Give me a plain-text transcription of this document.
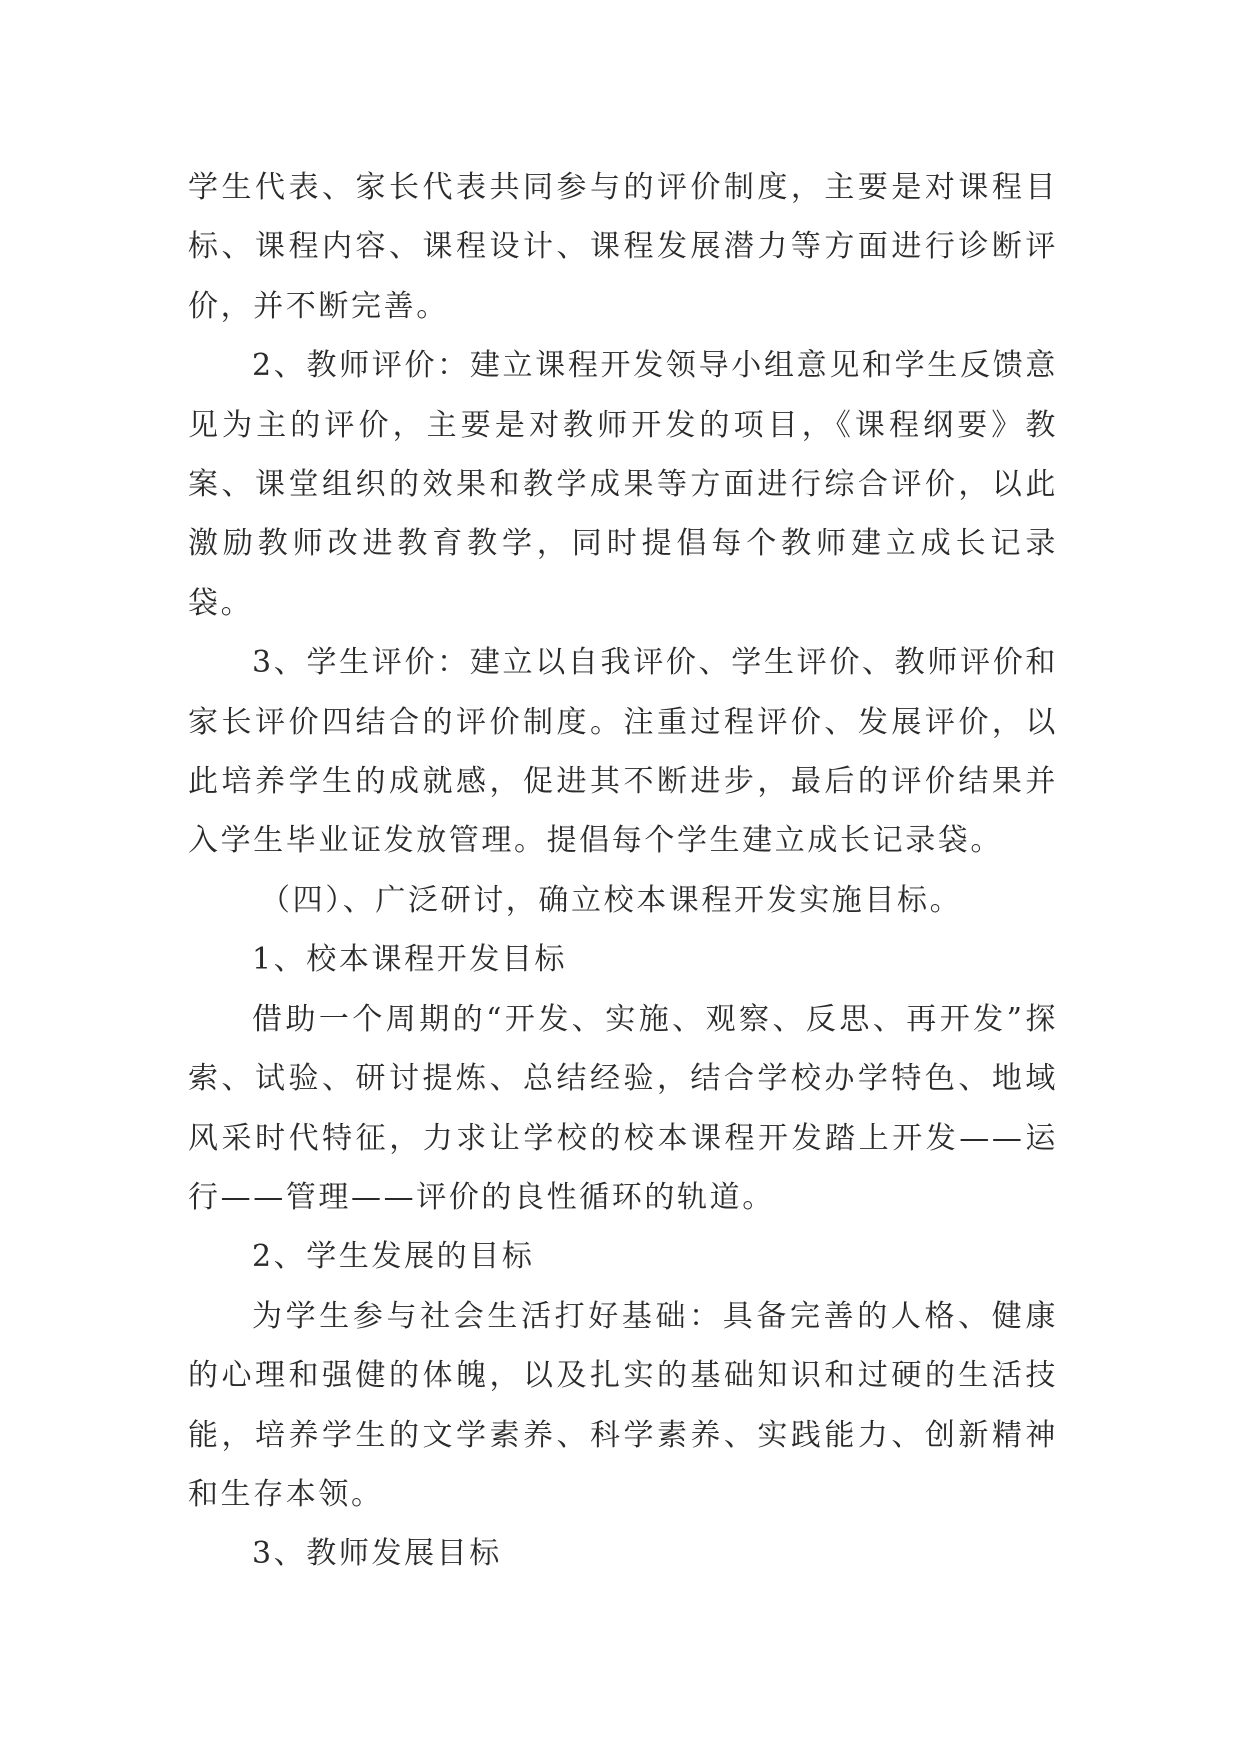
学生代表、家长代表共同参与的评价制度，主要是对课程目标、课程内容、课程设计、课程发展潜力等方面进行诊断评价，并不断完善。

2、教师评价：建立课程开发领导小组意见和学生反馈意见为主的评价，主要是对教师开发的项目，《课程纲要》教案、课堂组织的效果和教学成果等方面进行综合评价，以此激励教师改进教育教学，同时提倡每个教师建立成长记录袋。

3、学生评价：建立以自我评价、学生评价、教师评价和家长评价四结合的评价制度。注重过程评价、发展评价，以此培养学生的成就感，促进其不断进步，最后的评价结果并入学生毕业证发放管理。提倡每个学生建立成长记录袋。

（四）、广泛研讨，确立校本课程开发实施目标。

1、校本课程开发目标

借助一个周期的“开发、实施、观察、反思、再开发”探索、试验、研讨提炼、总结经验，结合学校办学特色、地域风采时代特征，力求让学校的校本课程开发踏上开发——运行——管理——评价的良性循环的轨道。

2、学生发展的目标

为学生参与社会生活打好基础：具备完善的人格、健康的心理和强健的体魄，以及扎实的基础知识和过硬的生活技能，培养学生的文学素养、科学素养、实践能力、创新精神和生存本领。

3、教师发展目标
